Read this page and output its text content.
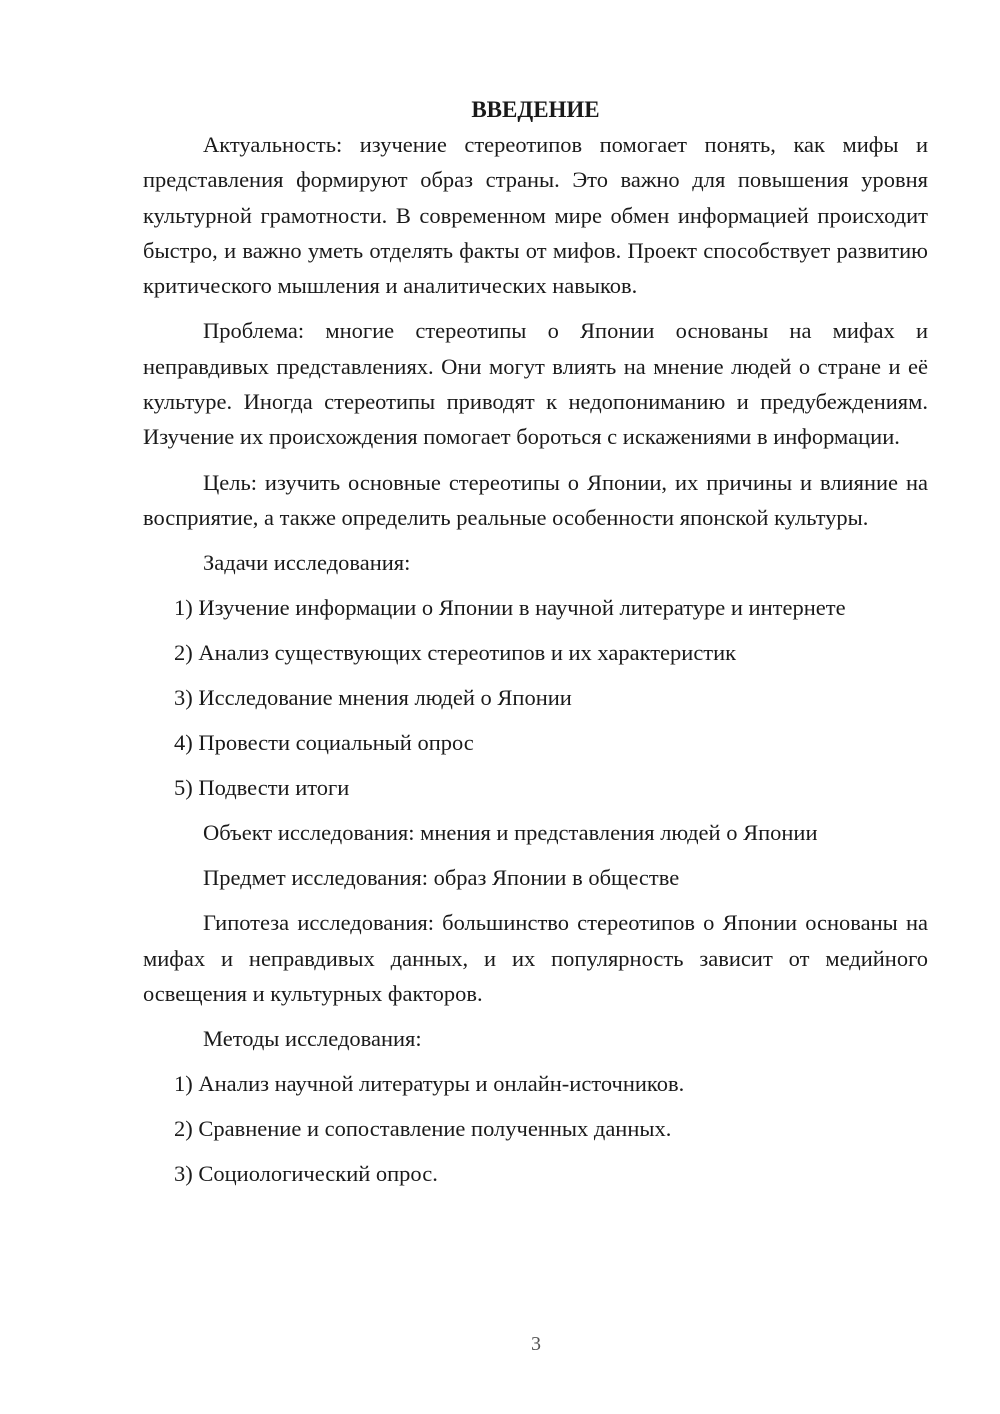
ВВЕДЕНИЕ

Актуальность: изучение стереотипов помогает понять, как мифы и представления формируют образ страны. Это важно для повышения уровня культурной грамотности. В современном мире обмен информацией происходит быстро, и важно уметь отделять факты от мифов. Проект способствует развитию критического мышления и аналитических навыков.

Проблема: многие стереотипы о Японии основаны на мифах и неправдивых представлениях. Они могут влиять на мнение людей о стране и её культуре. Иногда стереотипы приводят к недопониманию и предубеждениям. Изучение их происхождения помогает бороться с искажениями в информации.

Цель: изучить основные стереотипы о Японии, их причины и влияние на восприятие, а также определить реальные особенности японской культуры.

Задачи исследования:

1) Изучение информации о Японии в научной литературе и интернете

2) Анализ существующих стереотипов и их характеристик

3) Исследование мнения людей о Японии

4) Провести социальный опрос

5) Подвести итоги

Объект исследования: мнения и представления людей о Японии

Предмет исследования: образ Японии в обществе

Гипотеза исследования: большинство стереотипов о Японии основаны на мифах и неправдивых данных, и их популярность зависит от медийного освещения и культурных факторов.

Методы исследования:

1) Анализ научной литературы и онлайн-источников.

2) Сравнение и сопоставление полученных данных.

3) Социологический опрос.

3
